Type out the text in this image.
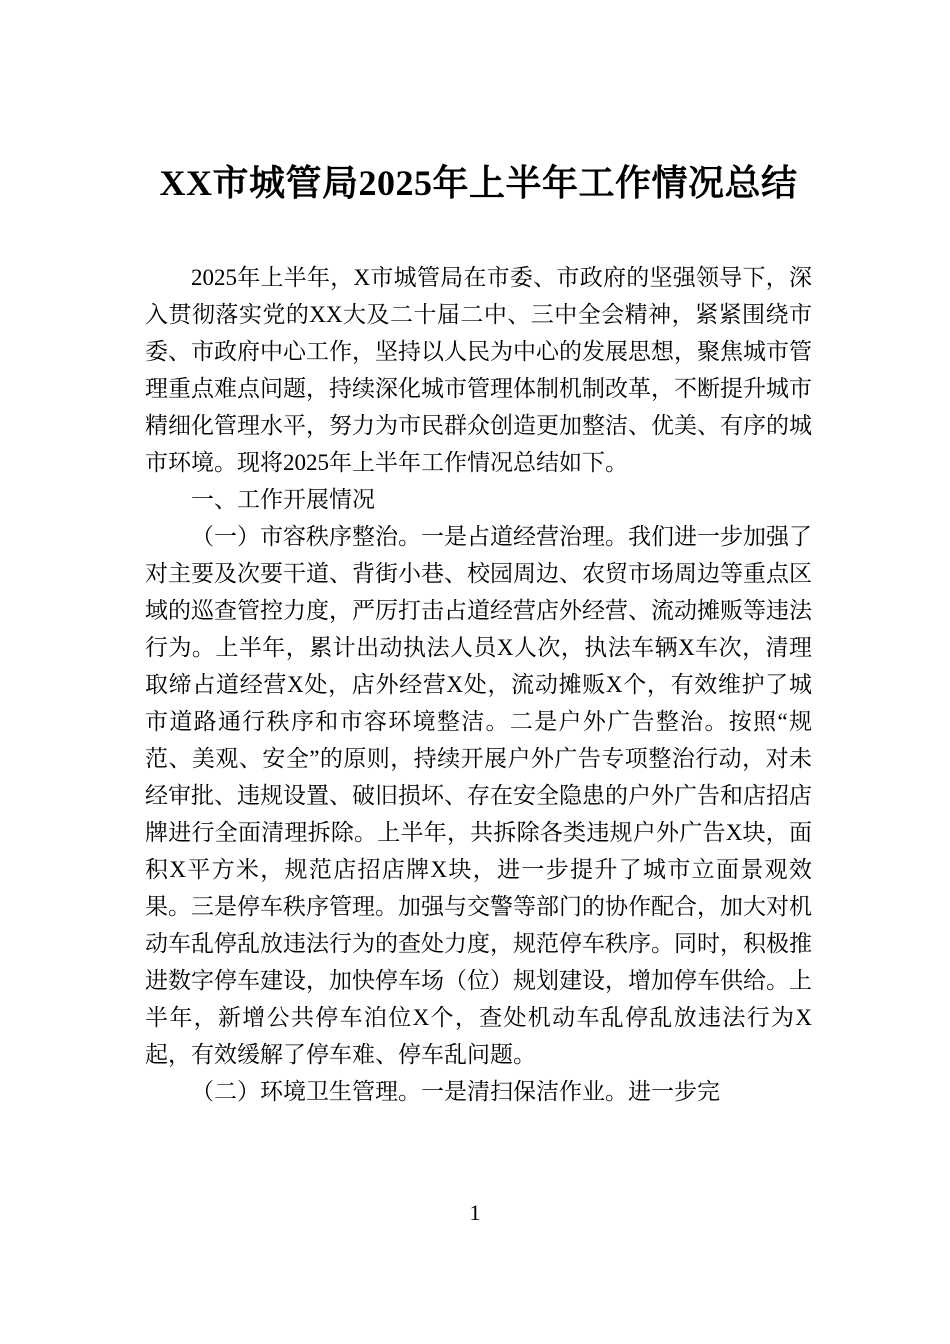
XX市城管局2025年上半年工作情况总结

2025年上半年，X市城管局在市委、市政府的坚强领导下，深入贯彻落实党的XX大及二十届二中、三中全会精神，紧紧围绕市委、市政府中心工作，坚持以人民为中心的发展思想，聚焦城市管理重点难点问题，持续深化城市管理体制机制改革，不断提升城市精细化管理水平，努力为市民群众创造更加整洁、优美、有序的城市环境。现将2025年上半年工作情况总结如下。

一、工作开展情况

（一）市容秩序整治。一是占道经营治理。我们进一步加强了对主要及次要干道、背街小巷、校园周边、农贸市场周边等重点区域的巡查管控力度，严厉打击占道经营店外经营、流动摊贩等违法行为。上半年，累计出动执法人员X人次，执法车辆X车次，清理取缔占道经营X处，店外经营X处，流动摊贩X个，有效维护了城市道路通行秩序和市容环境整洁。二是户外广告整治。按照“规范、美观、安全”的原则，持续开展户外广告专项整治行动，对未经审批、违规设置、破旧损坏、存在安全隐患的户外广告和店招店牌进行全面清理拆除。上半年，共拆除各类违规户外广告X块，面积X平方米，规范店招店牌X块，进一步提升了城市立面景观效果。三是停车秩序管理。加强与交警等部门的协作配合，加大对机动车乱停乱放违法行为的查处力度，规范停车秩序。同时，积极推进数字停车建设，加快停车场（位）规划建设，增加停车供给。上半年，新增公共停车泊位X个，查处机动车乱停乱放违法行为X起，有效缓解了停车难、停车乱问题。

（二）环境卫生管理。一是清扫保洁作业。进一步完

1
